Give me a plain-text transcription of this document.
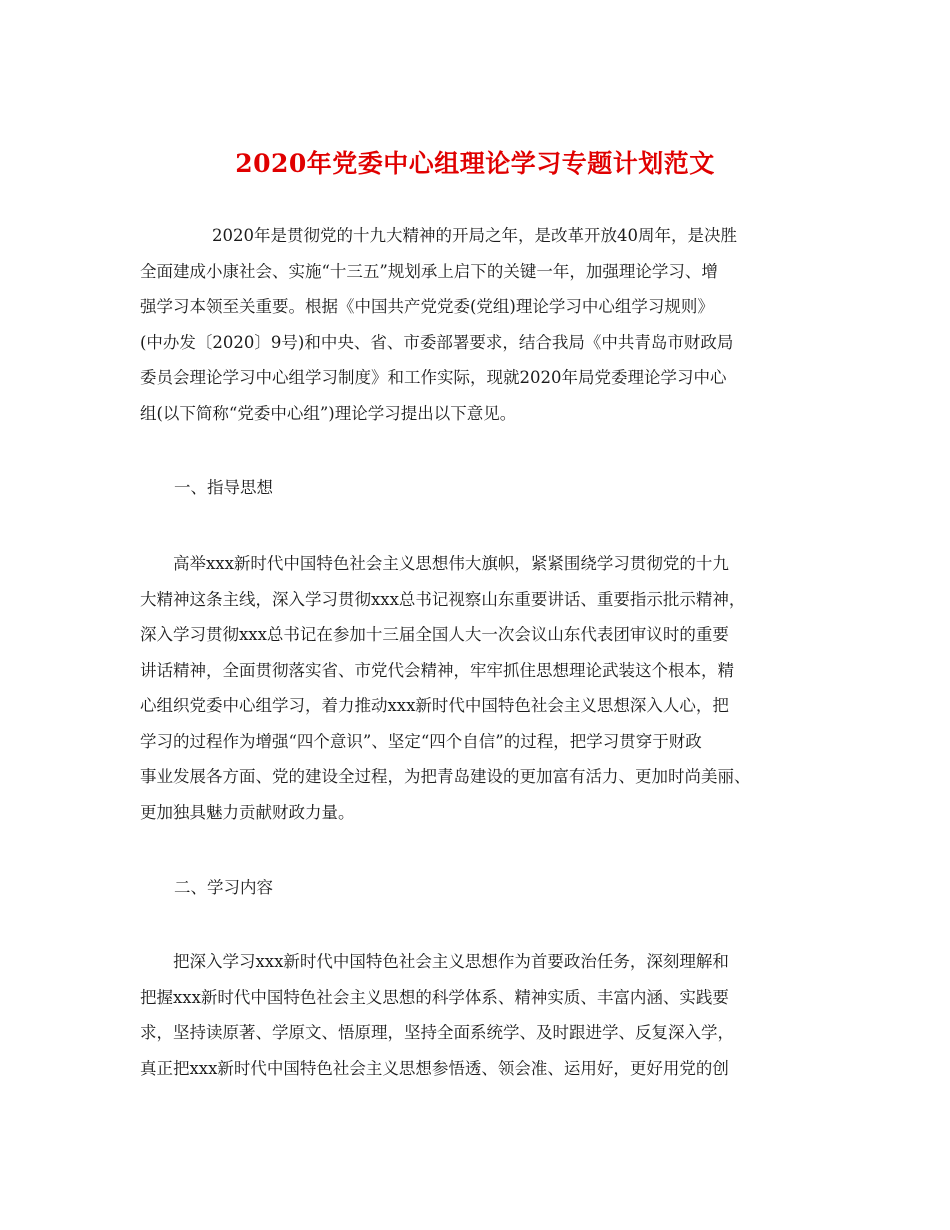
2020年党委中心组理论学习专题计划范文

2020年是贯彻党的十九大精神的开局之年，是改革开放40周年，是决胜
全面建成小康社会、实施“十三五”规划承上启下的关键一年，加强理论学习、增
强学习本领至关重要。根据《中国共产党党委(党组)理论学习中心组学习规则》
(中办发〔2020〕9号)和中央、省、市委部署要求，结合我局《中共青岛市财政局
委员会理论学习中心组学习制度》和工作实际，现就2020年局党委理论学习中心
组(以下简称“党委中心组”)理论学习提出以下意见。

一、指导思想

高举xxx新时代中国特色社会主义思想伟大旗帜，紧紧围绕学习贯彻党的十九
大精神这条主线，深入学习贯彻xxx总书记视察山东重要讲话、重要指示批示精神，
深入学习贯彻xxx总书记在参加十三届全国人大一次会议山东代表团审议时的重要
讲话精神，全面贯彻落实省、市党代会精神，牢牢抓住思想理论武装这个根本，精
心组织党委中心组学习，着力推动xxx新时代中国特色社会主义思想深入人心，把
学习的过程作为增强“四个意识”、坚定“四个自信”的过程，把学习贯穿于财政
事业发展各方面、党的建设全过程，为把青岛建设的更加富有活力、更加时尚美丽、
更加独具魅力贡献财政力量。

二、学习内容

把深入学习xxx新时代中国特色社会主义思想作为首要政治任务，深刻理解和
把握xxx新时代中国特色社会主义思想的科学体系、精神实质、丰富内涵、实践要
求，坚持读原著、学原文、悟原理，坚持全面系统学、及时跟进学、反复深入学，
真正把xxx新时代中国特色社会主义思想参悟透、领会准、运用好，更好用党的创
